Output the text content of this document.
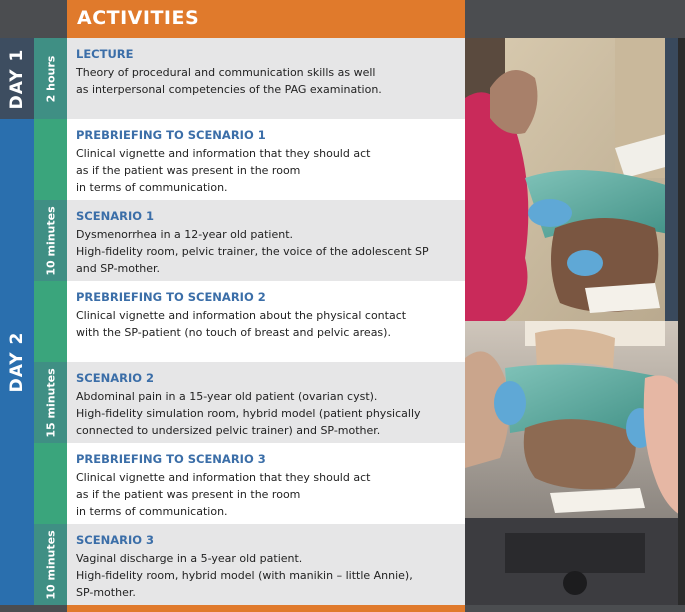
ACTIVITIES
DAY 1
DAY 2
2 hours
10 minutes
15 minutes
10 minutes
LECTURE
Theory of procedural and communication skills as well
as interpersonal competencies of the PAG examination.
PREBRIEFING TO SCENARIO 1
Clinical vignette and information that they should act
as if the patient was present in the room
in terms of communication.
SCENARIO 1
Dysmenorrhea in a 12-year old patient.
High-fidelity room, pelvic trainer, the voice of the adolescent SP
and SP-mother.
PREBRIEFING TO SCENARIO 2
Clinical vignette and information about the physical contact
with the SP-patient (no touch of breast and pelvic areas).
SCENARIO 2
Abdominal pain in a 15-year old patient (ovarian cyst).
High-fidelity simulation room, hybrid model (patient physically
connected to undersized pelvic trainer) and SP-mother.
PREBRIEFING TO SCENARIO 3
Clinical vignette and information that they should act
as if the patient was present in the room
in terms of communication.
SCENARIO 3
Vaginal discharge in a 5-year old patient.
High-fidelity room, hybrid model (with manikin – little Annie),
SP-mother.
